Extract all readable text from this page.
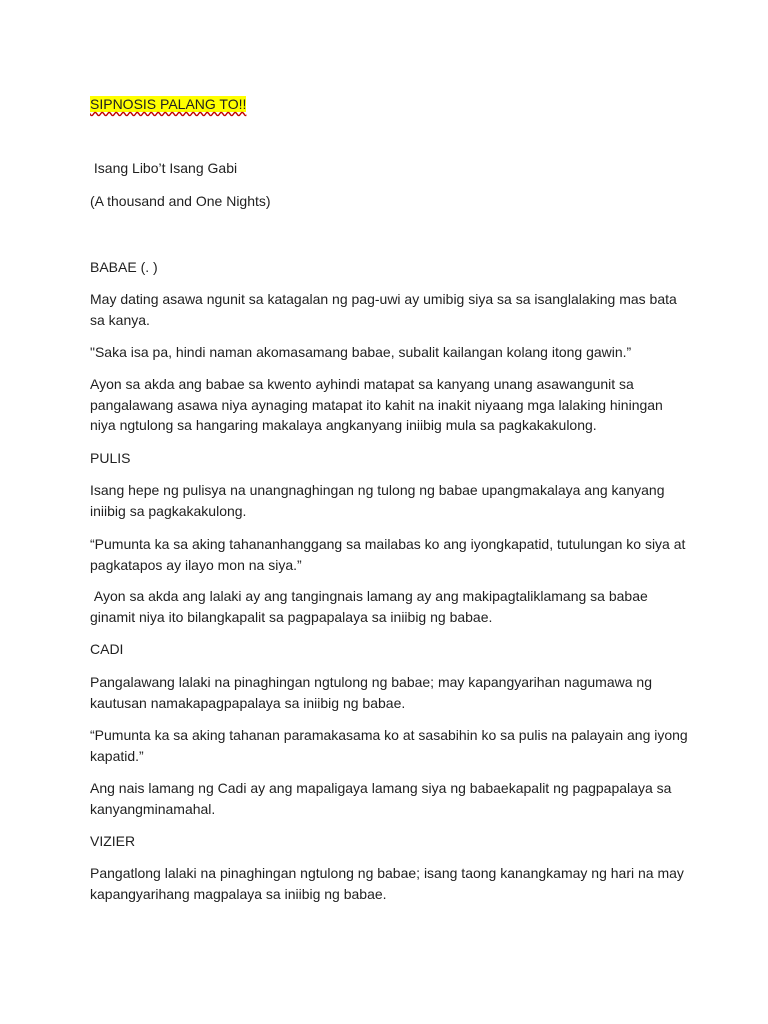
SIPNOSIS PALANG TO!!

Isang Libo’t Isang Gabi

(A thousand and One Nights)

BABAE (. )

May dating asawa ngunit sa katagalan ng pag-uwi ay umibig siya sa sa isanglalaking mas bata sa kanya.

"Saka isa pa, hindi naman akomasamang babae, subalit kailangan kolang itong gawin.”

Ayon sa akda ang babae sa kwento ayhindi matapat sa kanyang unang asawangunit sa pangalawang asawa niya aynaging matapat ito kahit na inakit niyaang mga lalaking hiningan niya ngtulong sa hangaring makalaya angkanyang iniibig mula sa pagkakakulong.

PULIS

Isang hepe ng pulisya na unangnaghingan ng tulong ng babae upangmakalaya ang kanyang iniibig sa pagkakakulong.

“Pumunta ka sa aking tahananhanggang sa mailabas ko ang iyongkapatid, tutulungan ko siya at pagkatapos ay ilayo mon na siya.”

Ayon sa akda ang lalaki ay ang tangingnais lamang ay ang makipagtaliklamang sa babae ginamit niya ito bilangkapalit sa pagpapalaya sa iniibig ng babae.

CADI

Pangalawang lalaki na pinaghingan ngtulong ng babae; may kapangyarihan nagumawa ng kautusan namakapagpapalaya sa iniibig ng babae.

“Pumunta ka sa aking tahanan paramakasama ko at sasabihin ko sa pulis na palayain ang iyong kapatid.”

Ang nais lamang ng Cadi ay ang mapaligaya lamang siya ng babaekapalit ng pagpapalaya sa kanyangminamahal.

VIZIER

Pangatlong lalaki na pinaghingan ngtulong ng babae; isang taong kanangkamay ng hari na may kapangyarihang magpalaya sa iniibig ng babae.
